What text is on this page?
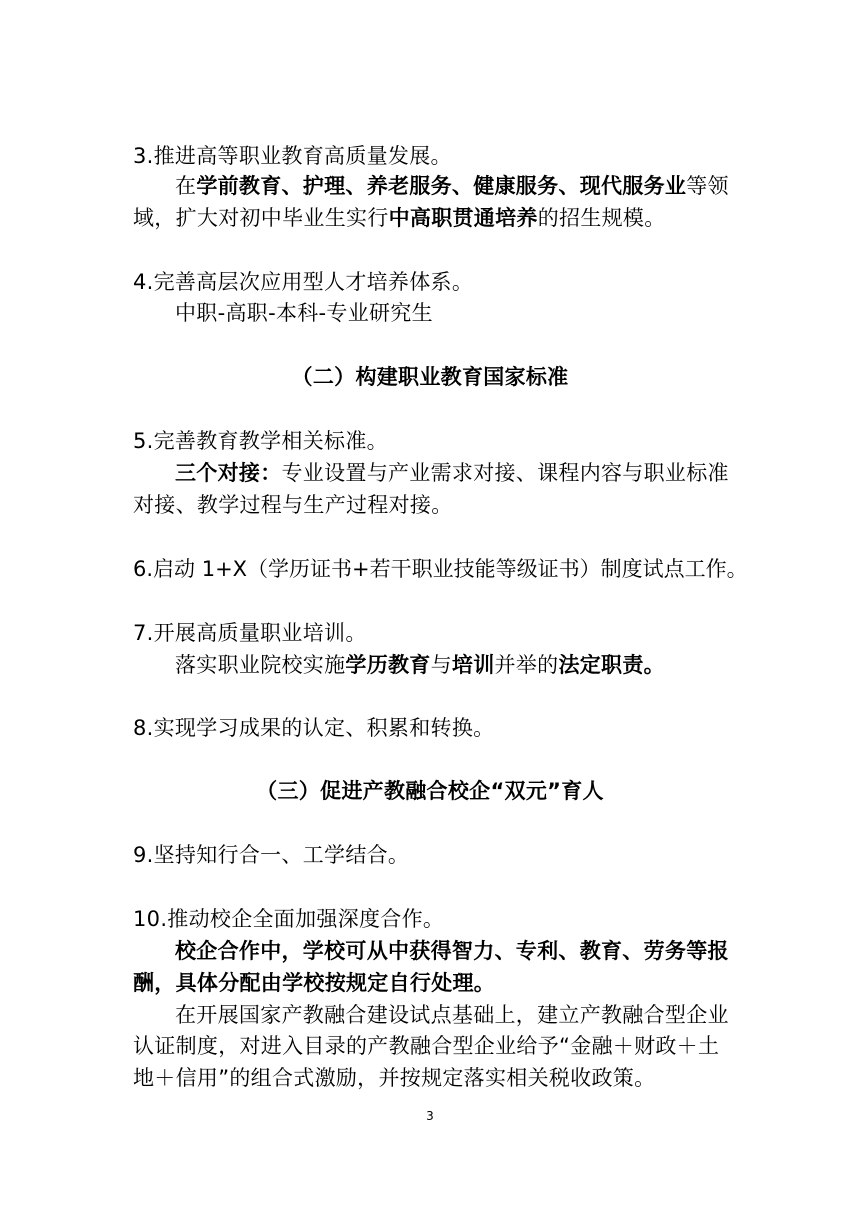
3.推进高等职业教育高质量发展。

在学前教育、护理、养老服务、健康服务、现代服务业等领

域，扩大对初中毕业生实行中高职贯通培养的招生规模。

4.完善高层次应用型人才培养体系。

中职-高职-本科-专业研究生

（二）构建职业教育国家标准

5.完善教育教学相关标准。

三个对接：专业设置与产业需求对接、课程内容与职业标准

对接、教学过程与生产过程对接。

6.启动 1+X（学历证书+若干职业技能等级证书）制度试点工作。

7.开展高质量职业培训。

落实职业院校实施学历教育与培训并举的法定职责。

8.实现学习成果的认定、积累和转换。

（三）促进产教融合校企“双元”育人

9.坚持知行合一、工学结合。

10.推动校企全面加强深度合作。

校企合作中，学校可从中获得智力、专利、教育、劳务等报

酬，具体分配由学校按规定自行处理。

在开展国家产教融合建设试点基础上，建立产教融合型企业

认证制度，对进入目录的产教融合型企业给予“金融＋财政＋土

地＋信用”的组合式激励，并按规定落实相关税收政策。

3
